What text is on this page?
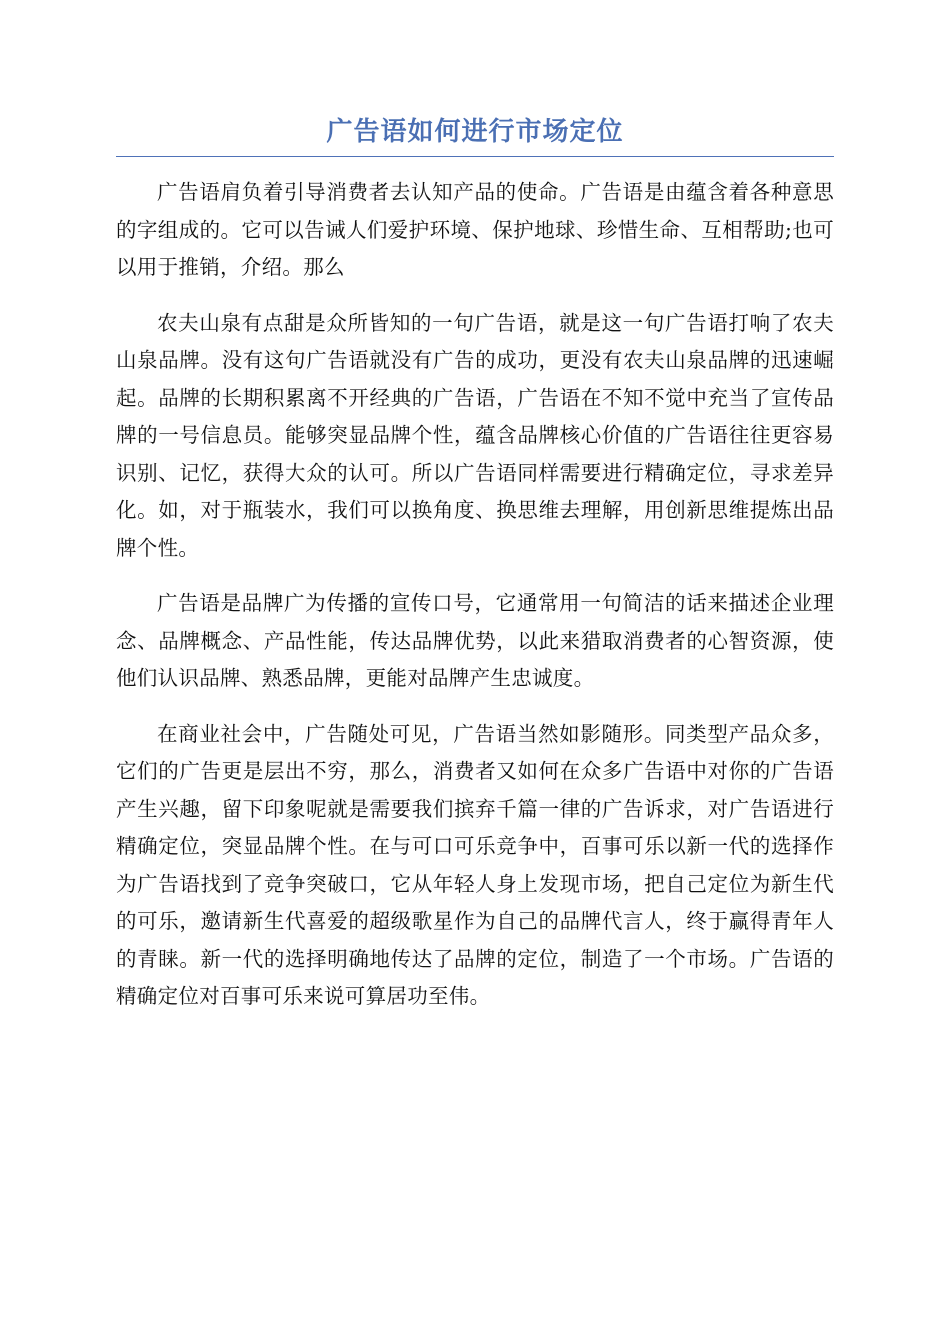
广告语如何进行市场定位

广告语肩负着引导消费者去认知产品的使命。广告语是由蕴含着各种意思的字组成的。它可以告诫人们爱护环境、保护地球、珍惜生命、互相帮助;也可以用于推销，介绍。那么

农夫山泉有点甜是众所皆知的一句广告语，就是这一句广告语打响了农夫山泉品牌。没有这句广告语就没有广告的成功，更没有农夫山泉品牌的迅速崛起。品牌的长期积累离不开经典的广告语，广告语在不知不觉中充当了宣传品牌的一号信息员。能够突显品牌个性，蕴含品牌核心价值的广告语往往更容易识别、记忆，获得大众的认可。所以广告语同样需要进行精确定位，寻求差异化。如，对于瓶装水，我们可以换角度、换思维去理解，用创新思维提炼出品牌个性。

广告语是品牌广为传播的宣传口号，它通常用一句简洁的话来描述企业理念、品牌概念、产品性能，传达品牌优势，以此来猎取消费者的心智资源，使他们认识品牌、熟悉品牌，更能对品牌产生忠诚度。

在商业社会中，广告随处可见，广告语当然如影随形。同类型产品众多，它们的广告更是层出不穷，那么，消费者又如何在众多广告语中对你的广告语产生兴趣，留下印象呢就是需要我们摈弃千篇一律的广告诉求，对广告语进行精确定位，突显品牌个性。在与可口可乐竞争中，百事可乐以新一代的选择作为广告语找到了竞争突破口，它从年轻人身上发现市场，把自己定位为新生代的可乐，邀请新生代喜爱的超级歌星作为自己的品牌代言人，终于赢得青年人的青睐。新一代的选择明确地传达了品牌的定位，制造了一个市场。广告语的精确定位对百事可乐来说可算居功至伟。
